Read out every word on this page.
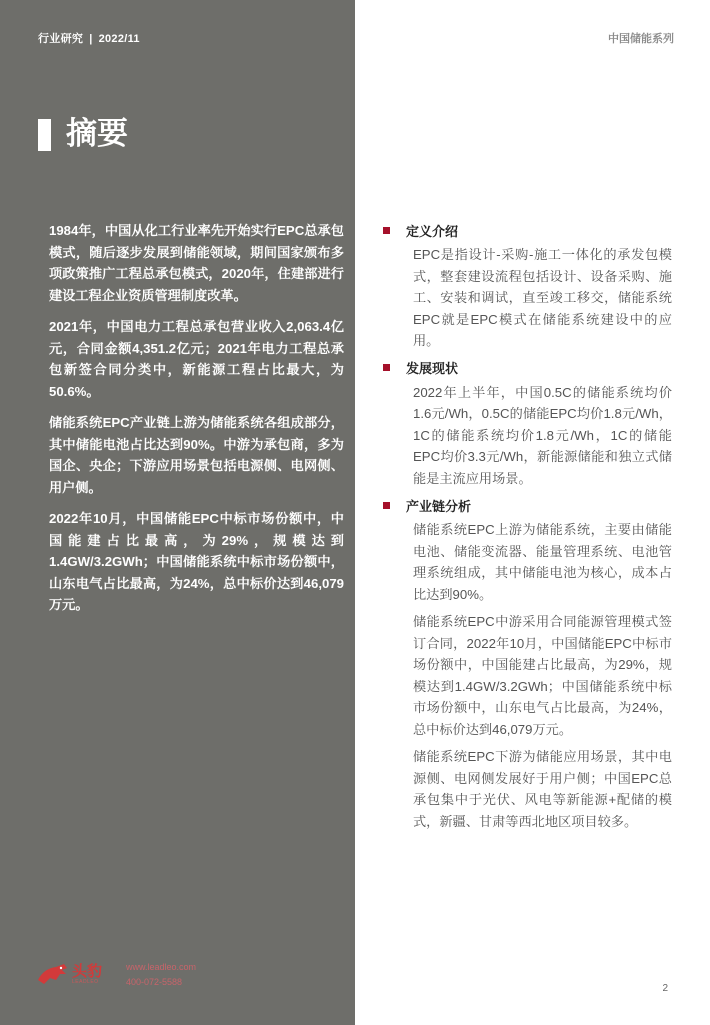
行业研究 | 2022/11	中国储能系列
摘要

1984年，中国从化工行业率先开始实行EPC总承包模式，随后逐步发展到储能领域，期间国家颁布多项政策推广工程总承包模式，2020年，住建部进行建设工程企业资质管理制度改革。

2021年，中国电力工程总承包营业收入2,063.4亿元，合同金额4,351.2亿元；2021年电力工程总承包新签合同分类中，新能源工程占比最大，为50.6%。

储能系统EPC产业链上游为储能系统各组成部分，其中储能电池占比达到90%。中游为承包商，多为国企、央企；下游应用场景包括电源侧、电网侧、用户侧。

2022年10月，中国储能EPC中标市场份额中，中国能建占比最高，为29%，规模达到1.4GW/3.2GWh；中国储能系统中标市场份额中，山东电气占比最高，为24%，总中标价达到46,079万元。

定义介绍

EPC是指设计-采购-施工一体化的承发包模式，整套建设流程包括设计、设备采购、施工、安装和调试，直至竣工移交，储能系统EPC就是EPC模式在储能系统建设中的应用。

发展现状

2022年上半年，中国0.5C的储能系统均价1.6元/Wh，0.5C的储能EPC均价1.8元/Wh，1C的储能系统均价1.8元/Wh，1C的储能EPC均价3.3元/Wh，新能源储能和独立式储能是主流应用场景。

产业链分析

储能系统EPC上游为储能系统，主要由储能电池、储能变流器、能量管理系统、电池管理系统组成，其中储能电池为核心，成本占比达到90%。

储能系统EPC中游采用合同能源管理模式签订合同，2022年10月，中国储能EPC中标市场份额中，中国能建占比最高，为29%，规模达到1.4GW/3.2GWh；中国储能系统中标市场份额中，山东电气占比最高，为24%，总中标价达到46,079万元。

储能系统EPC下游为储能应用场景，其中电源侧、电网侧发展好于用户侧；中国EPC总承包集中于光伏、风电等新能源+配储的模式，新疆、甘肃等西北地区项目较多。

头豹
LEADLEO
www.leadleo.com
400-072-5588
2
